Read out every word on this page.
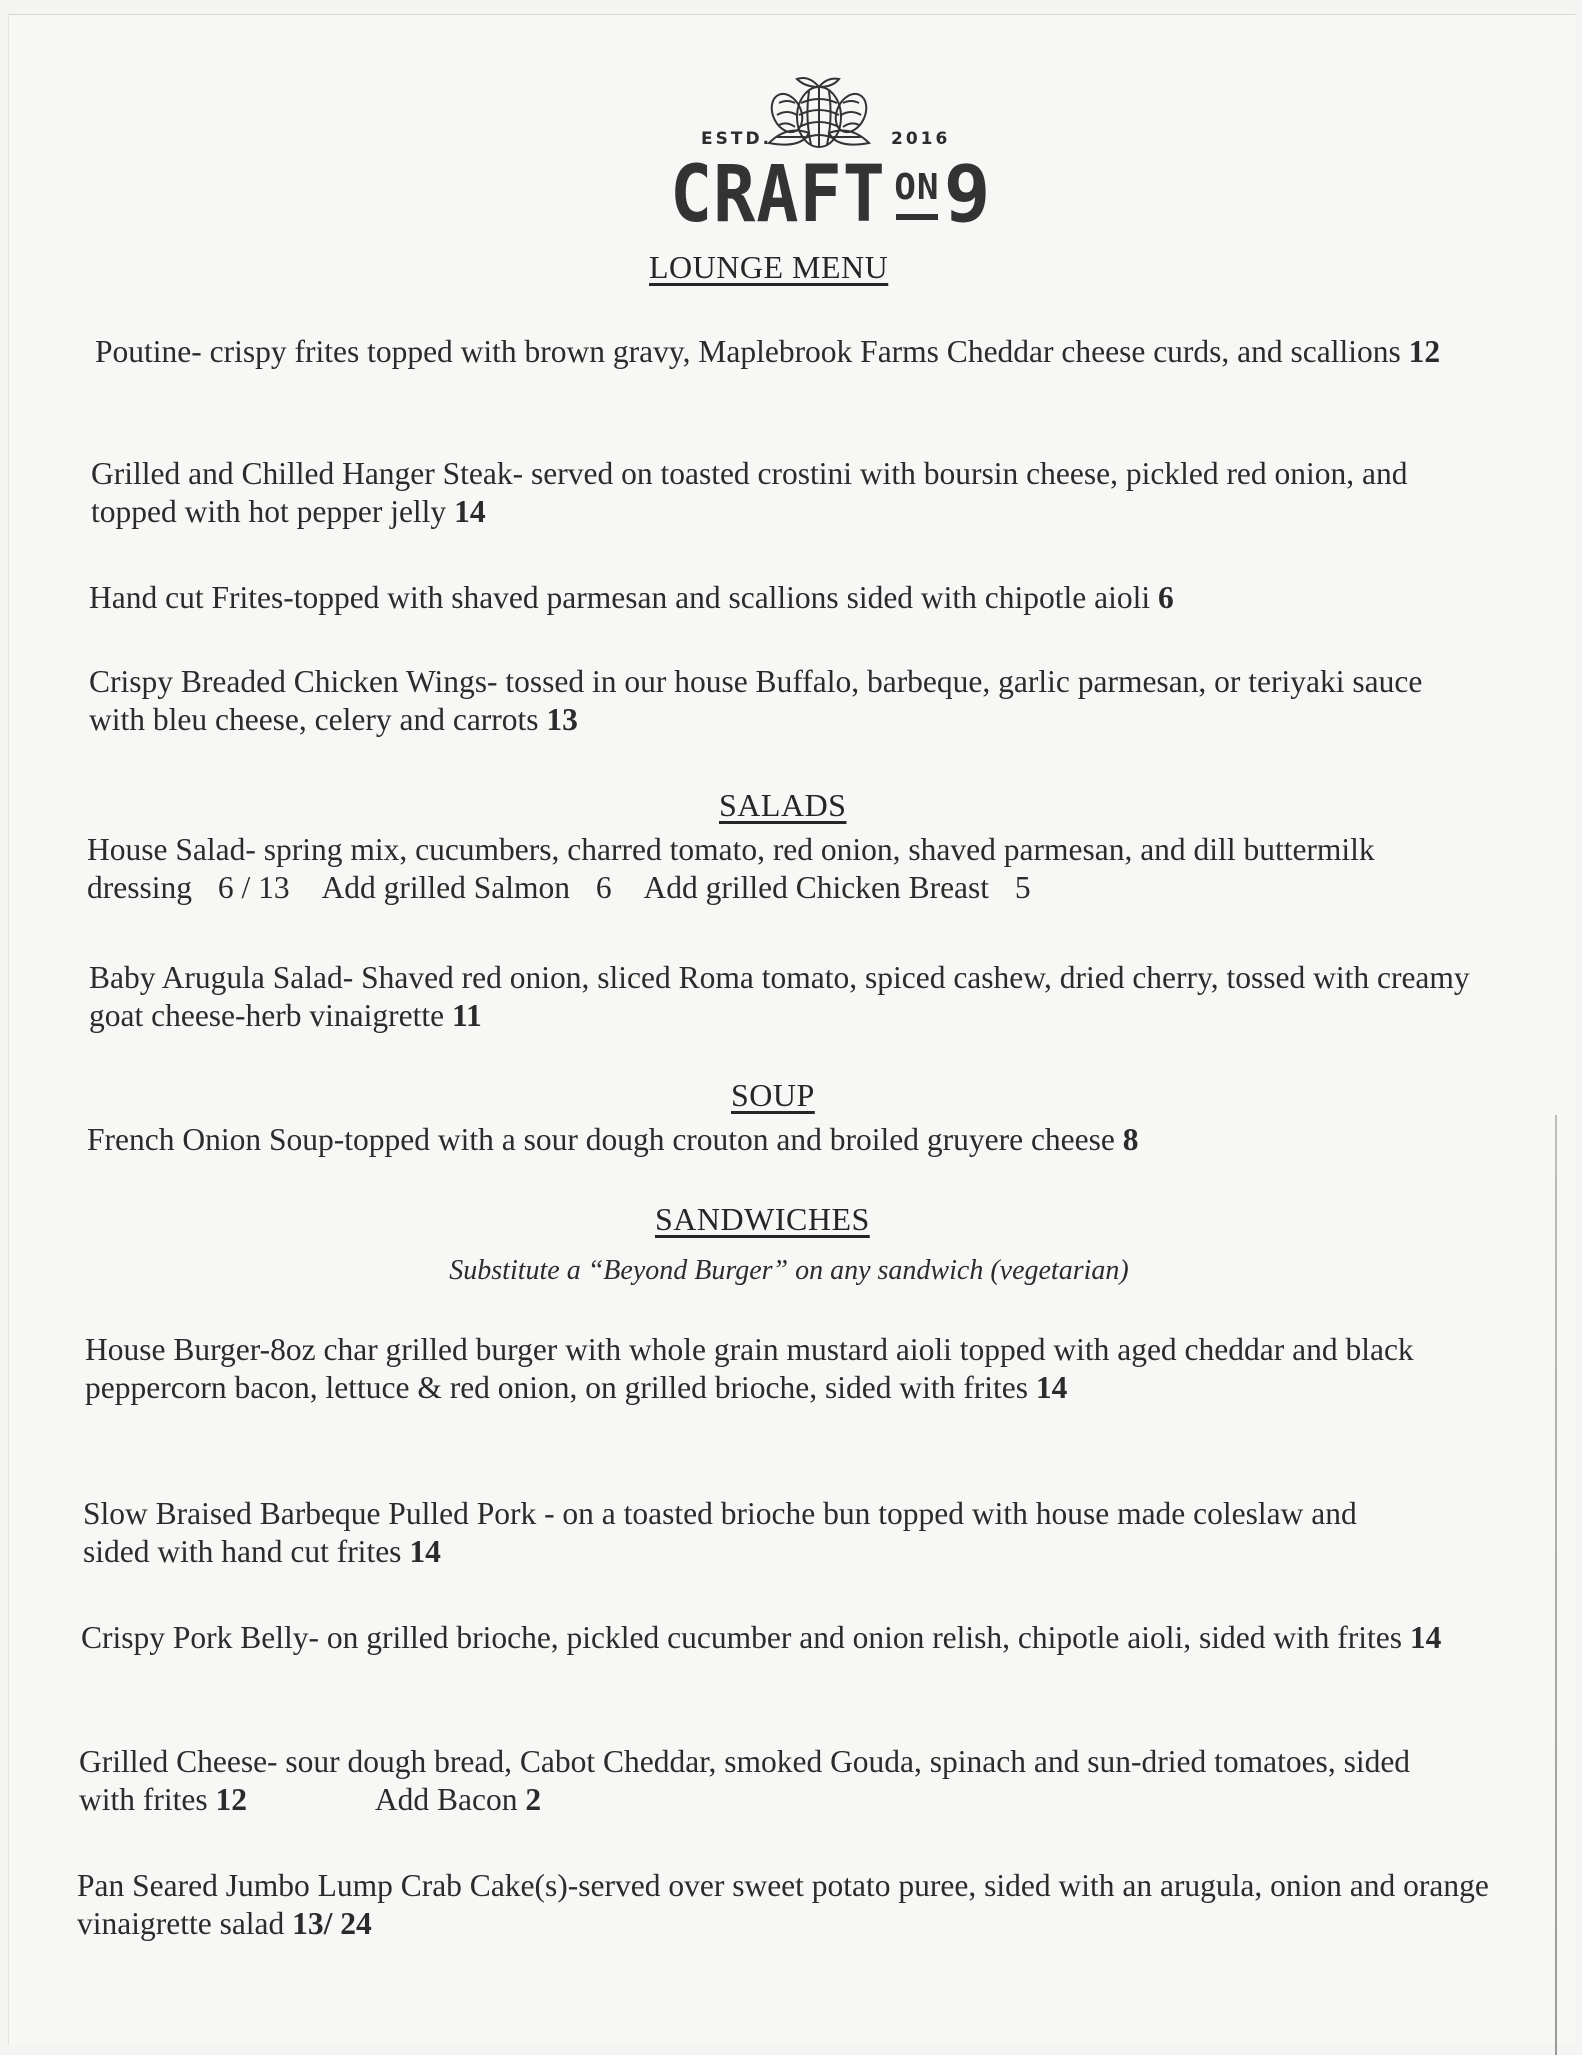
ESTD.	2016
CRAFT ON9
LOUNGE MENU
Poutine- crispy frites topped with brown gravy, Maplebrook Farms Cheddar cheese curds, and scallions 12
Grilled and Chilled Hanger Steak- served on toasted crostini with boursin cheese, pickled red onion, and topped with hot pepper jelly 14
Hand cut Frites-topped with shaved parmesan and scallions sided with chipotle aioli 6
Crispy Breaded Chicken Wings- tossed in our house Buffalo, barbeque, garlic parmesan, or teriyaki sauce with bleu cheese, celery and carrots 13
SALADS
House Salad- spring mix, cucumbers, charred tomato, red onion, shaved parmesan, and dill buttermilk dressing 6 / 13 Add grilled Salmon 6 Add grilled Chicken Breast 5
Baby Arugula Salad- Shaved red onion, sliced Roma tomato, spiced cashew, dried cherry, tossed with creamy goat cheese-herb vinaigrette 11
SOUP
French Onion Soup-topped with a sour dough crouton and broiled gruyere cheese 8
SANDWICHES
Substitute a “Beyond Burger” on any sandwich (vegetarian)
House Burger-8oz char grilled burger with whole grain mustard aioli topped with aged cheddar and black peppercorn bacon, lettuce & red onion, on grilled brioche, sided with frites 14
Slow Braised Barbeque Pulled Pork - on a toasted brioche bun topped with house made coleslaw and sided with hand cut frites 14
Crispy Pork Belly- on grilled brioche, pickled cucumber and onion relish, chipotle aioli, sided with frites 14
Grilled Cheese- sour dough bread, Cabot Cheddar, smoked Gouda, spinach and sun-dried tomatoes, sided with frites 12	Add Bacon 2
Pan Seared Jumbo Lump Crab Cake(s)-served over sweet potato puree, sided with an arugula, onion and orange vinaigrette salad 13/ 24
